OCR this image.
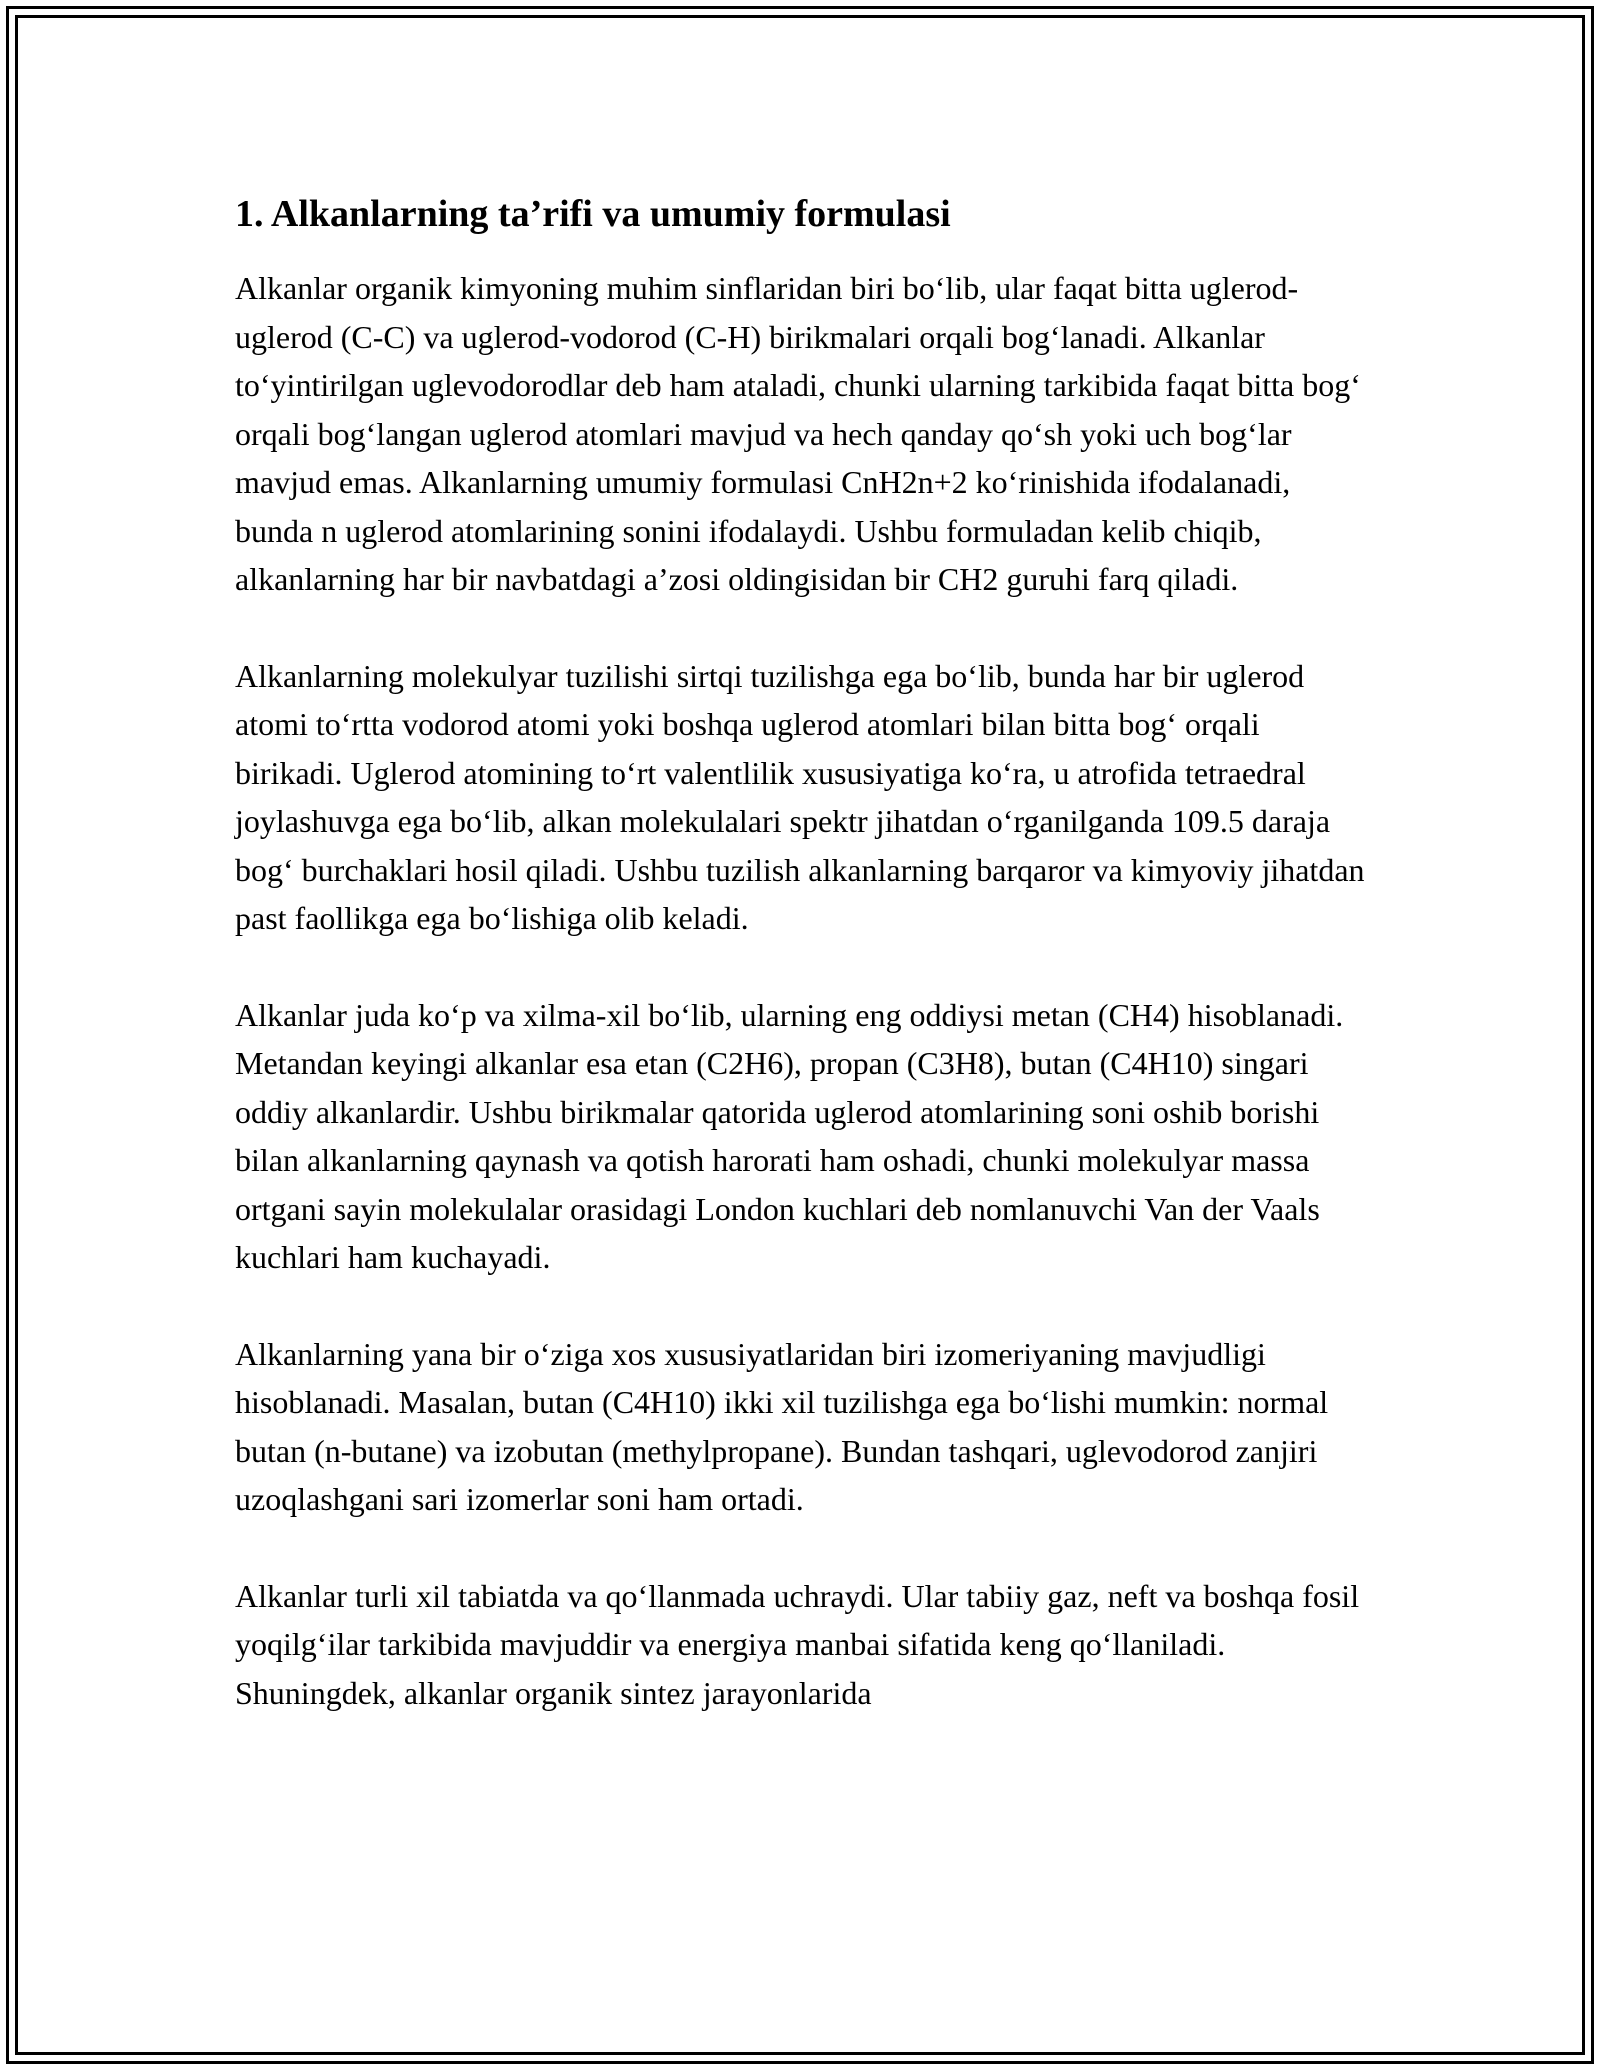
1. Alkanlarning ta’rifi va umumiy formulasi

Alkanlar organik kimyoning muhim sinflaridan biri bo‘lib, ular faqat bitta uglerod-uglerod (C-C) va uglerod-vodorod (C-H) birikmalari orqali bog‘lanadi. Alkanlar to‘yintirilgan uglevodorodlar deb ham ataladi, chunki ularning tarkibida faqat bitta bog‘ orqali bog‘langan uglerod atomlari mavjud va hech qanday qo‘sh yoki uch bog‘lar mavjud emas. Alkanlarning umumiy formulasi CnH2n+2 ko‘rinishida ifodalanadi, bunda n uglerod atomlarining sonini ifodalaydi. Ushbu formuladan kelib chiqib, alkanlarning har bir navbatdagi a’zosi oldingisidan bir CH2 guruhi farq qiladi.

Alkanlarning molekulyar tuzilishi sirtqi tuzilishga ega bo‘lib, bunda har bir uglerod atomi to‘rtta vodorod atomi yoki boshqa uglerod atomlari bilan bitta bog‘ orqali birikadi. Uglerod atomining to‘rt valentlilik xususiyatiga ko‘ra, u atrofida tetraedral joylashuvga ega bo‘lib, alkan molekulalari spektr jihatdan o‘rganilganda 109.5 daraja bog‘ burchaklari hosil qiladi. Ushbu tuzilish alkanlarning barqaror va kimyoviy jihatdan past faollikga ega bo‘lishiga olib keladi.

Alkanlar juda ko‘p va xilma-xil bo‘lib, ularning eng oddiysi metan (CH4) hisoblanadi. Metandan keyingi alkanlar esa etan (C2H6), propan (C3H8), butan (C4H10) singari oddiy alkanlardir. Ushbu birikmalar qatorida uglerod atomlarining soni oshib borishi bilan alkanlarning qaynash va qotish harorati ham oshadi, chunki molekulyar massa ortgani sayin molekulalar orasidagi London kuchlari deb nomlanuvchi Van der Vaals kuchlari ham kuchayadi.

Alkanlarning yana bir o‘ziga xos xususiyatlaridan biri izomeriyaning mavjudligi hisoblanadi. Masalan, butan (C4H10) ikki xil tuzilishga ega bo‘lishi mumkin: normal butan (n-butane) va izobutan (methylpropane). Bundan tashqari, uglevodorod zanjiri uzoqlashgani sari izomerlar soni ham ortadi.

Alkanlar turli xil tabiatda va qo‘llanmada uchraydi. Ular tabiiy gaz, neft va boshqa fosil yoqilg‘ilar tarkibida mavjuddir va energiya manbai sifatida keng qo‘llaniladi. Shuningdek, alkanlar organik sintez jarayonlarida
